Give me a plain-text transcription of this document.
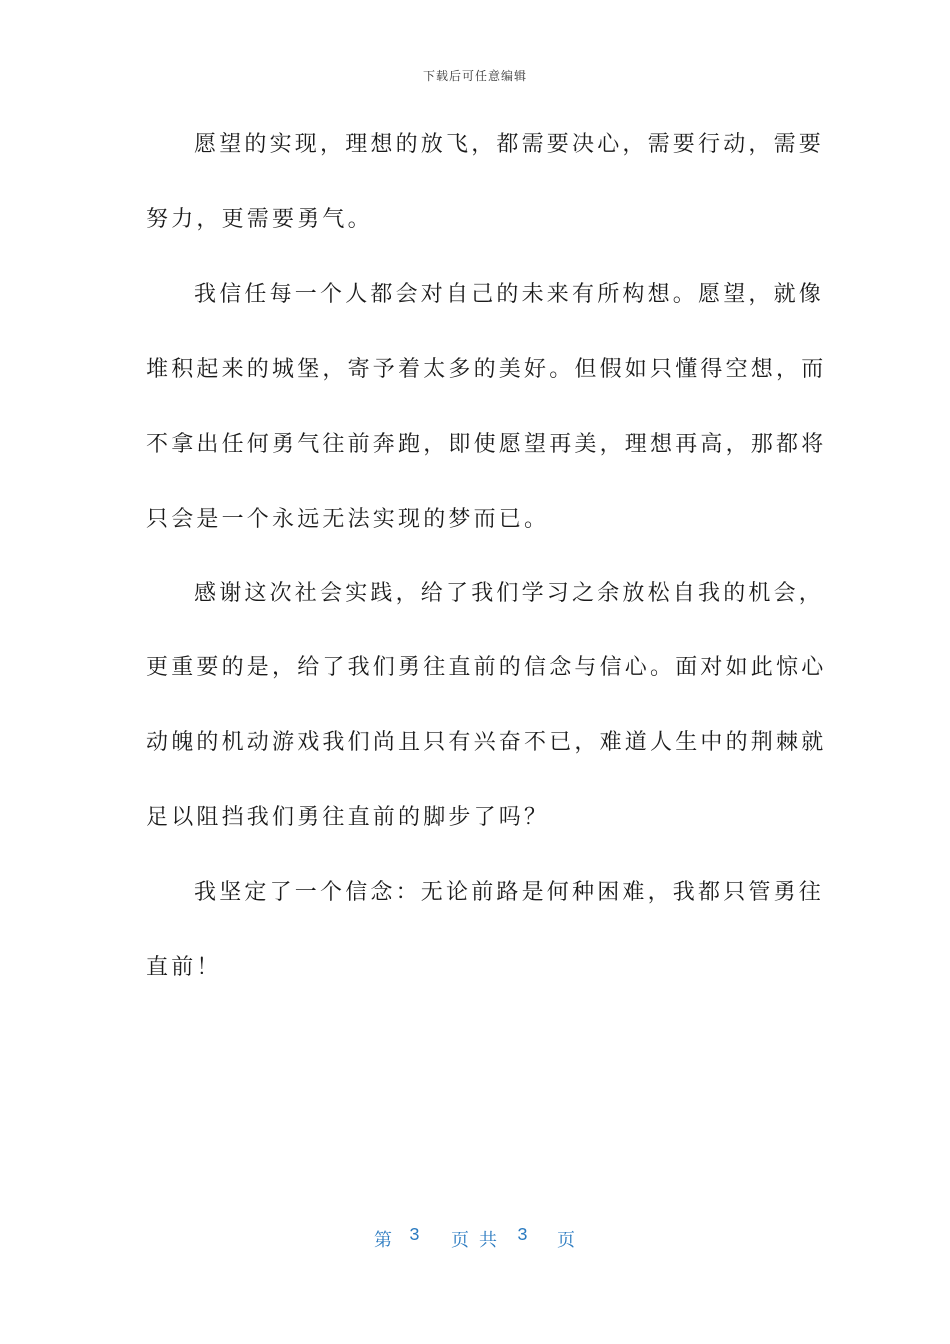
下载后可任意编辑
愿望的实现，理想的放飞，都需要决心，需要行动，需要
努力，更需要勇气。
我信任每一个人都会对自己的未来有所构想。愿望，就像
堆积起来的城堡，寄予着太多的美好。但假如只懂得空想，而
不拿出任何勇气往前奔跑，即使愿望再美，理想再高，那都将
只会是一个永远无法实现的梦而已。
感谢这次社会实践，给了我们学习之余放松自我的机会，
更重要的是，给了我们勇往直前的信念与信心。面对如此惊心
动魄的机动游戏我们尚且只有兴奋不已，难道人生中的荆棘就
足以阻挡我们勇往直前的脚步了吗？
我坚定了一个信念：无论前路是何种困难，我都只管勇往
直前！
第 3 页共 3 页
